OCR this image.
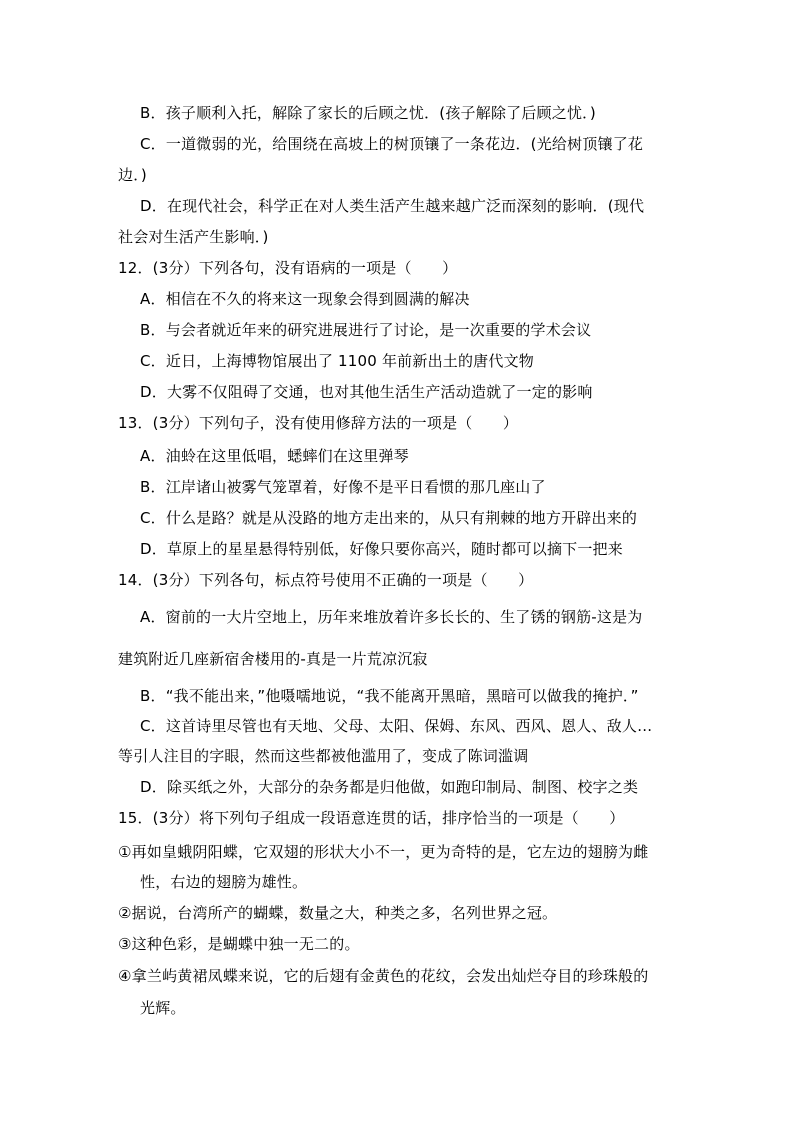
B．孩子顺利入托，解除了家长的后顾之忧．(孩子解除了后顾之忧．)
C．一道微弱的光，给围绕在高坡上的树顶镶了一条花边．(光给树顶镶了花
边．)
D．在现代社会，科学正在对人类生活产生越来越广泛而深刻的影响．(现代
社会对生活产生影响．)
12．(3分）下列各句，没有语病的一项是（　　）
A．相信在不久的将来这一现象会得到圆满的解决
B．与会者就近年来的研究进展进行了讨论，是一次重要的学术会议
C．近日，上海博物馆展出了 1100 年前新出土的唐代文物
D．大雾不仅阻碍了交通，也对其他生活生产活动造就了一定的影响
13．(3分）下列句子，没有使用修辞方法的一项是（　　）
A．油蛉在这里低唱，蟋蟀们在这里弹琴
B．江岸诸山被雾气笼罩着，好像不是平日看惯的那几座山了
C．什么是路？就是从没路的地方走出来的，从只有荆棘的地方开辟出来的
D．草原上的星星悬得特别低，好像只要你高兴，随时都可以摘下一把来
14．(3分）下列各句，标点符号使用不正确的一项是（　　）
A．窗前的一大片空地上，历年来堆放着许多长长的、生了锈的钢筋-这是为
建筑附近几座新宿舍楼用的-真是一片荒凉沉寂
B．“我不能出来，”他嗫嚅地说，“我不能离开黑暗，黑暗可以做我的掩护．”
C．这首诗里尽管也有天地、父母、太阳、保姆、东风、西风、恩人、敌人…
等引人注目的字眼，然而这些都被他滥用了，变成了陈词滥调
D．除买纸之外，大部分的杂务都是归他做，如跑印制局、制图、校字之类
15．(3分）将下列句子组成一段语意连贯的话，排序恰当的一项是（　　）
①再如皇蛾阴阳蝶，它双翅的形状大小不一，更为奇特的是，它左边的翅膀为雌
性，右边的翅膀为雄性。
②据说，台湾所产的蝴蝶，数量之大，种类之多，名列世界之冠。
③这种色彩，是蝴蝶中独一无二的。
④拿兰屿黄裙凤蝶来说，它的后翅有金黄色的花纹，会发出灿烂夺目的珍珠般的
光辉。
